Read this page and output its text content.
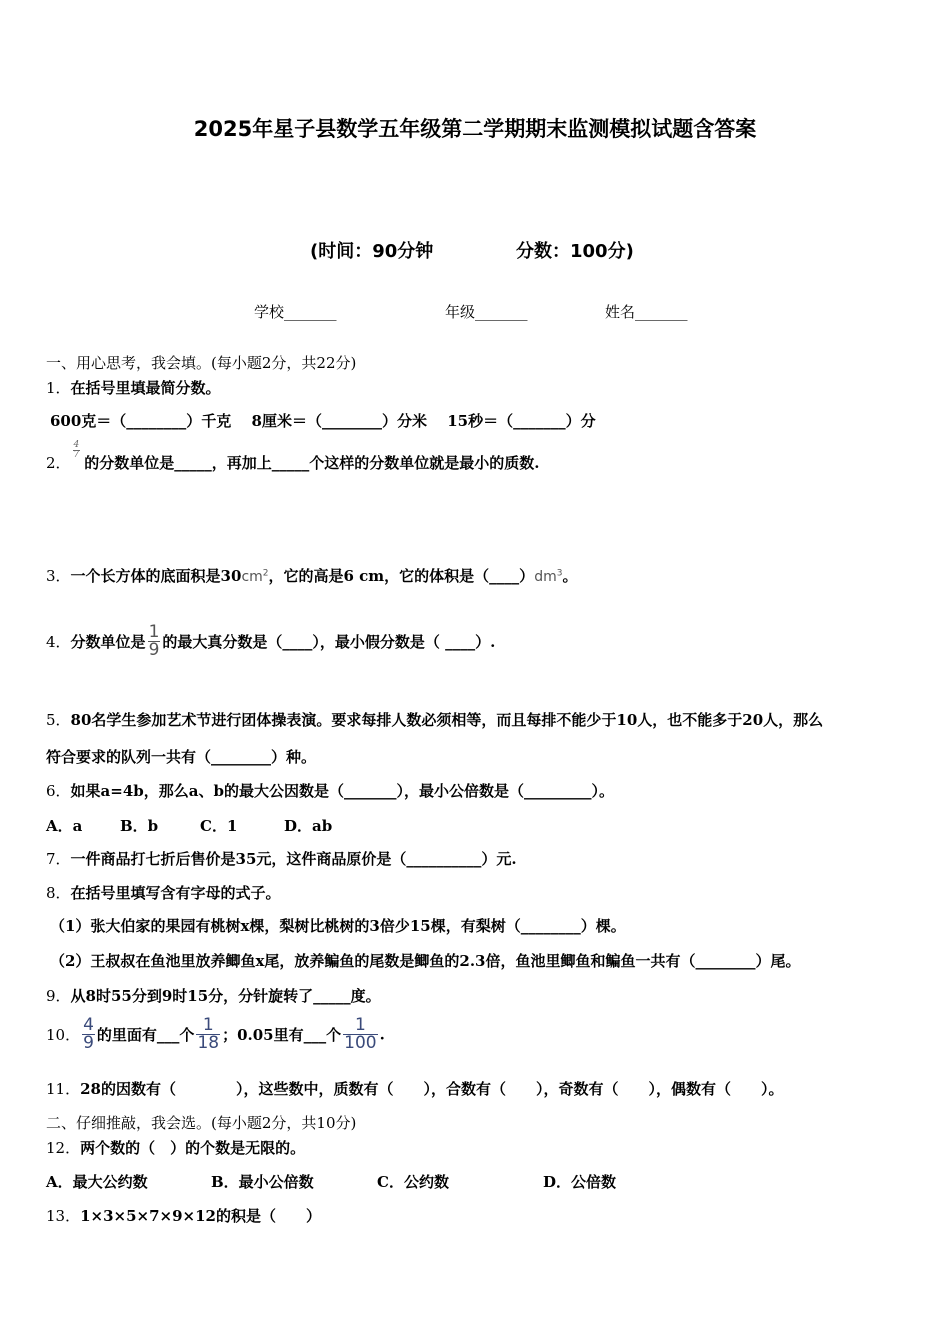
2025年星子县数学五年级第二学期期末监测模拟试题含答案
(时间：90分钟	分数：100分)
学校_______	年级_______	姓名_______
一、用心思考，我会填。(每小题2分，共22分)
1．在括号里填最简分数。
600克＝（________）千克　 8厘米＝（________）分米　 15秒＝（_______）分
2．
$\frac{4}{7}$
的分数单位是_____，再加上_____个这样的分数单位就是最小的质数.
3．一个长方体的底面积是$30cm^2$，它的高是6 cm，它的体积是$(\_\_\_\_)dm^3$。
4．分数单位是 $\frac{1}{9}$ 的最大真分数是（____），最小假分数是（ ____）.
5．80名学生参加艺术节进行团体操表演。要求每排人数必须相等，而且每排不能少于10人，也不能多于20人，那么
符合要求的队列一共有（________）种。
6．如果a=4b，那么a、b的最大公因数是（_______），最小公倍数是（_________）。
A．a	B．b	C．1	D．ab
7．一件商品打七折后售价是35元，这件商品原价是（__________）元.
8．在括号里填写含有字母的式子。
（1）张大伯家的果园有桃树x棵，梨树比桃树的3倍少15棵，有梨树（________）棵。
（2）王叔叔在鱼池里放养鲫鱼x尾，放养鳊鱼的尾数是鲫鱼的2.3倍，鱼池里鲫鱼和鳊鱼一共有（________）尾。
9．从8时55分到9时15分，分针旋转了_____度。
10． $\frac{4}{9}$ 的里面有___个 $\frac{1}{18}$ ；0.05里有___个 $\frac{1}{100}$ .
11．28的因数有（　　　　），这些数中，质数有（　　），合数有（　　），奇数有（　　），偶数有（　　）。
二、仔细推敲，我会选。(每小题2分，共10分)
12．两个数的（　）的个数是无限的。
A．最大公约数	B．最小公倍数	C．公约数	D．公倍数
13．1×3×5×7×9×12的积是（　　）
